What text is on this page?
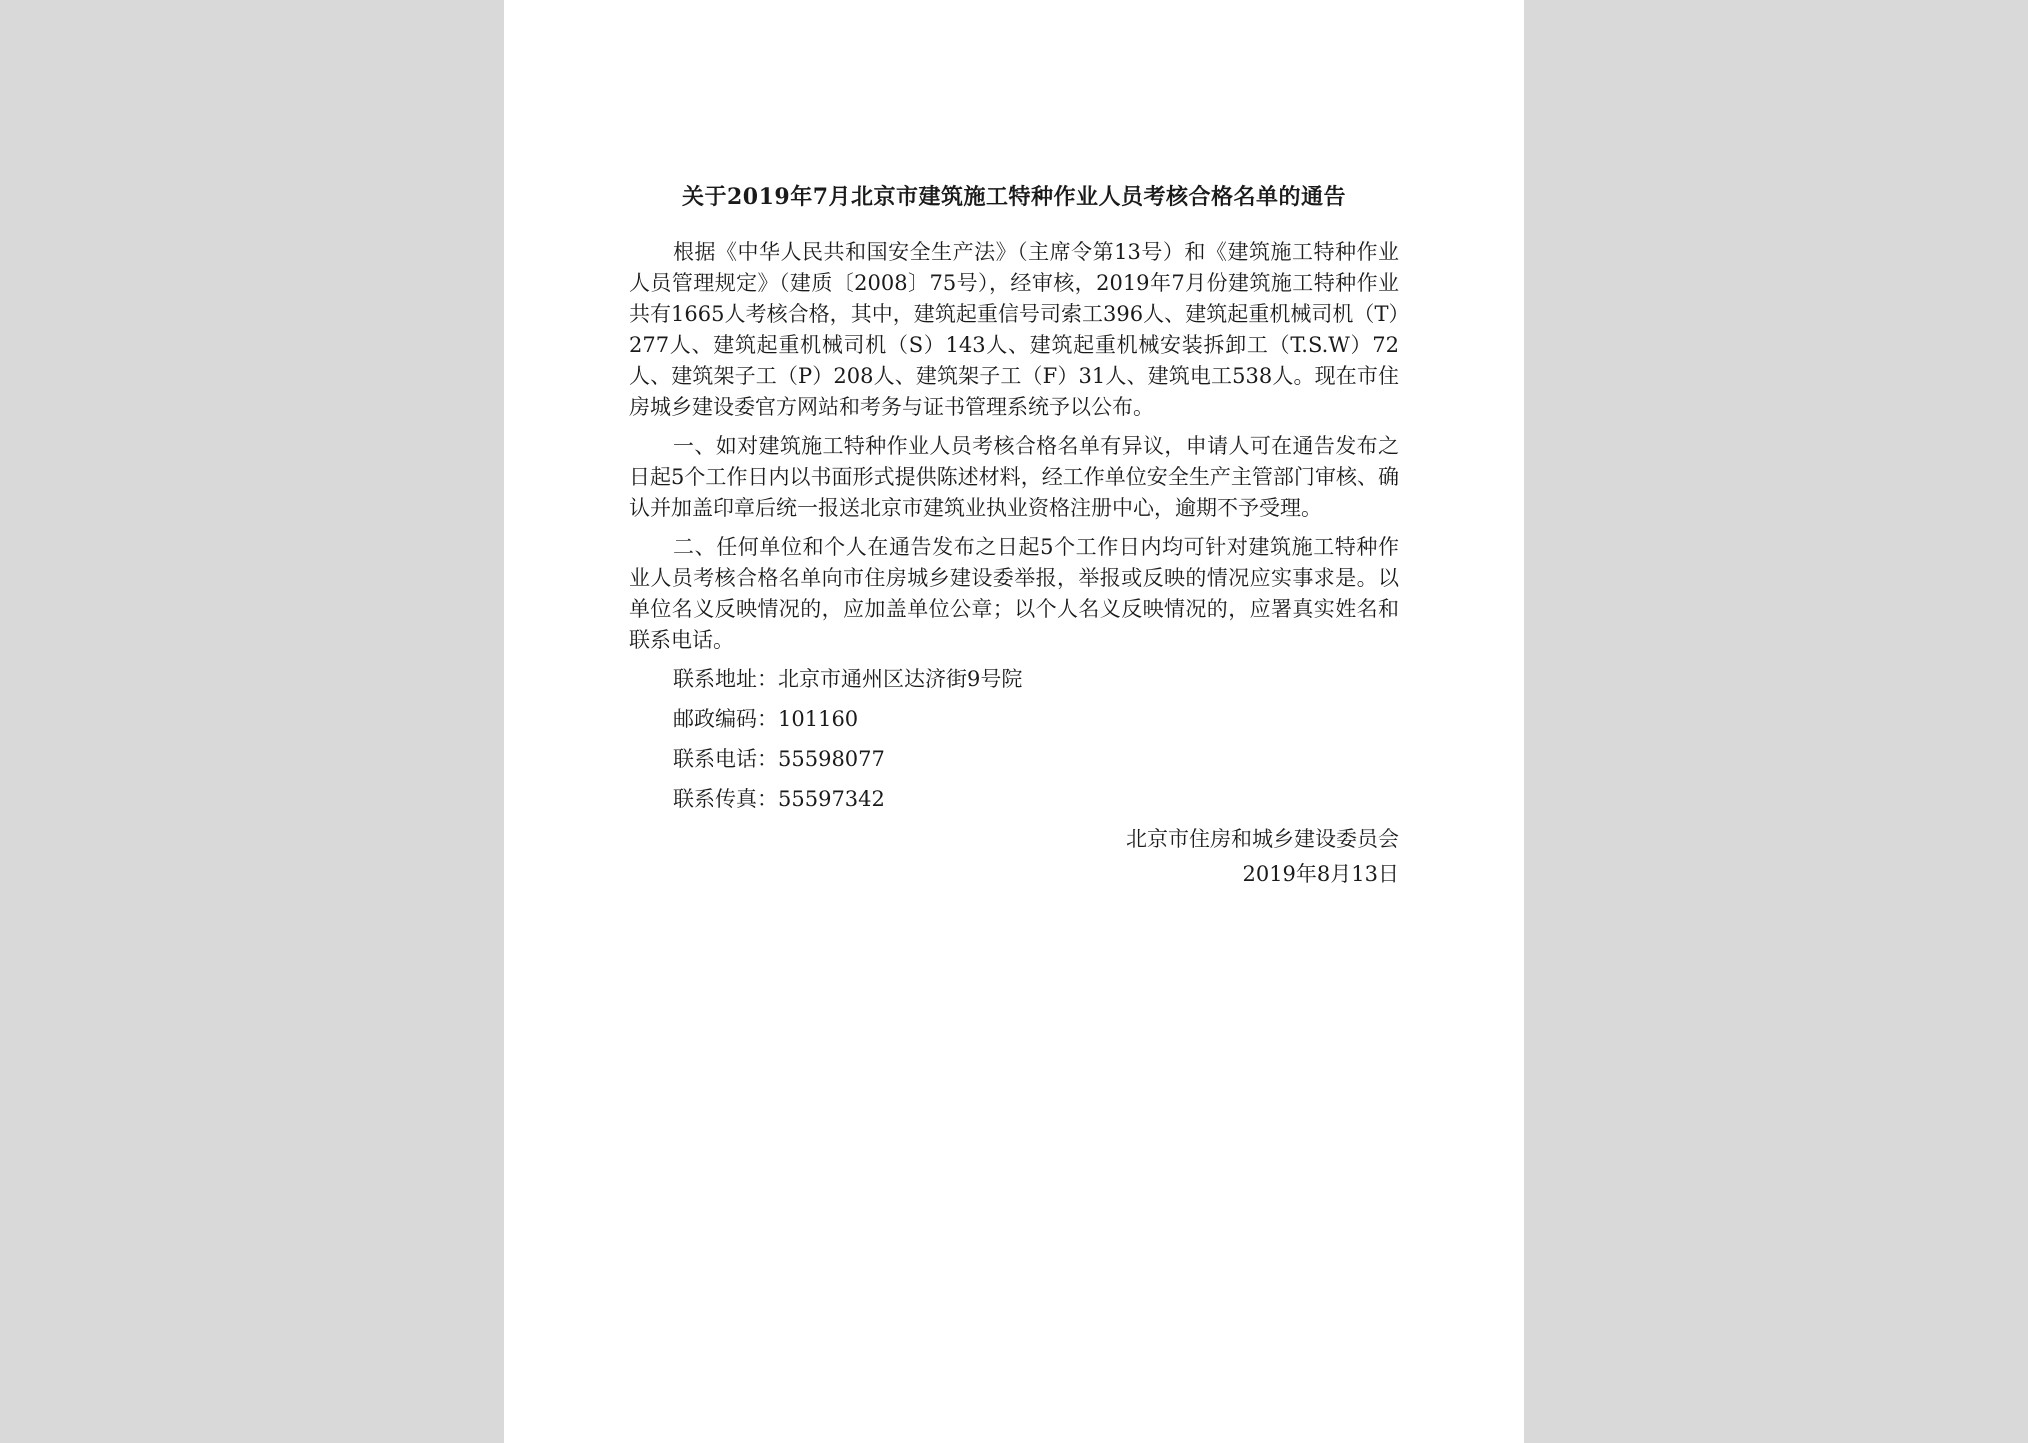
关于2019年7月北京市建筑施工特种作业人员考核合格名单的通告

根据《中华人民共和国安全生产法》（主席令第13号）和《建筑施工特种作业人员管理规定》（建质〔2008〕75号），经审核，2019年7月份建筑施工特种作业共有1665人考核合格，其中，建筑起重信号司索工396人、建筑起重机械司机（T）277人、建筑起重机械司机（S）143人、建筑起重机械安装拆卸工（T.S.W）72人、建筑架子工（P）208人、建筑架子工（F）31人、建筑电工538人。现在市住房城乡建设委官方网站和考务与证书管理系统予以公布。

一、如对建筑施工特种作业人员考核合格名单有异议，申请人可在通告发布之日起5个工作日内以书面形式提供陈述材料，经工作单位安全生产主管部门审核、确认并加盖印章后统一报送北京市建筑业执业资格注册中心，逾期不予受理。

二、任何单位和个人在通告发布之日起5个工作日内均可针对建筑施工特种作业人员考核合格名单向市住房城乡建设委举报，举报或反映的情况应实事求是。以单位名义反映情况的，应加盖单位公章；以个人名义反映情况的，应署真实姓名和联系电话。

联系地址：北京市通州区达济街9号院

邮政编码：101160

联系电话：55598077

联系传真：55597342

北京市住房和城乡建设委员会

2019年8月13日
